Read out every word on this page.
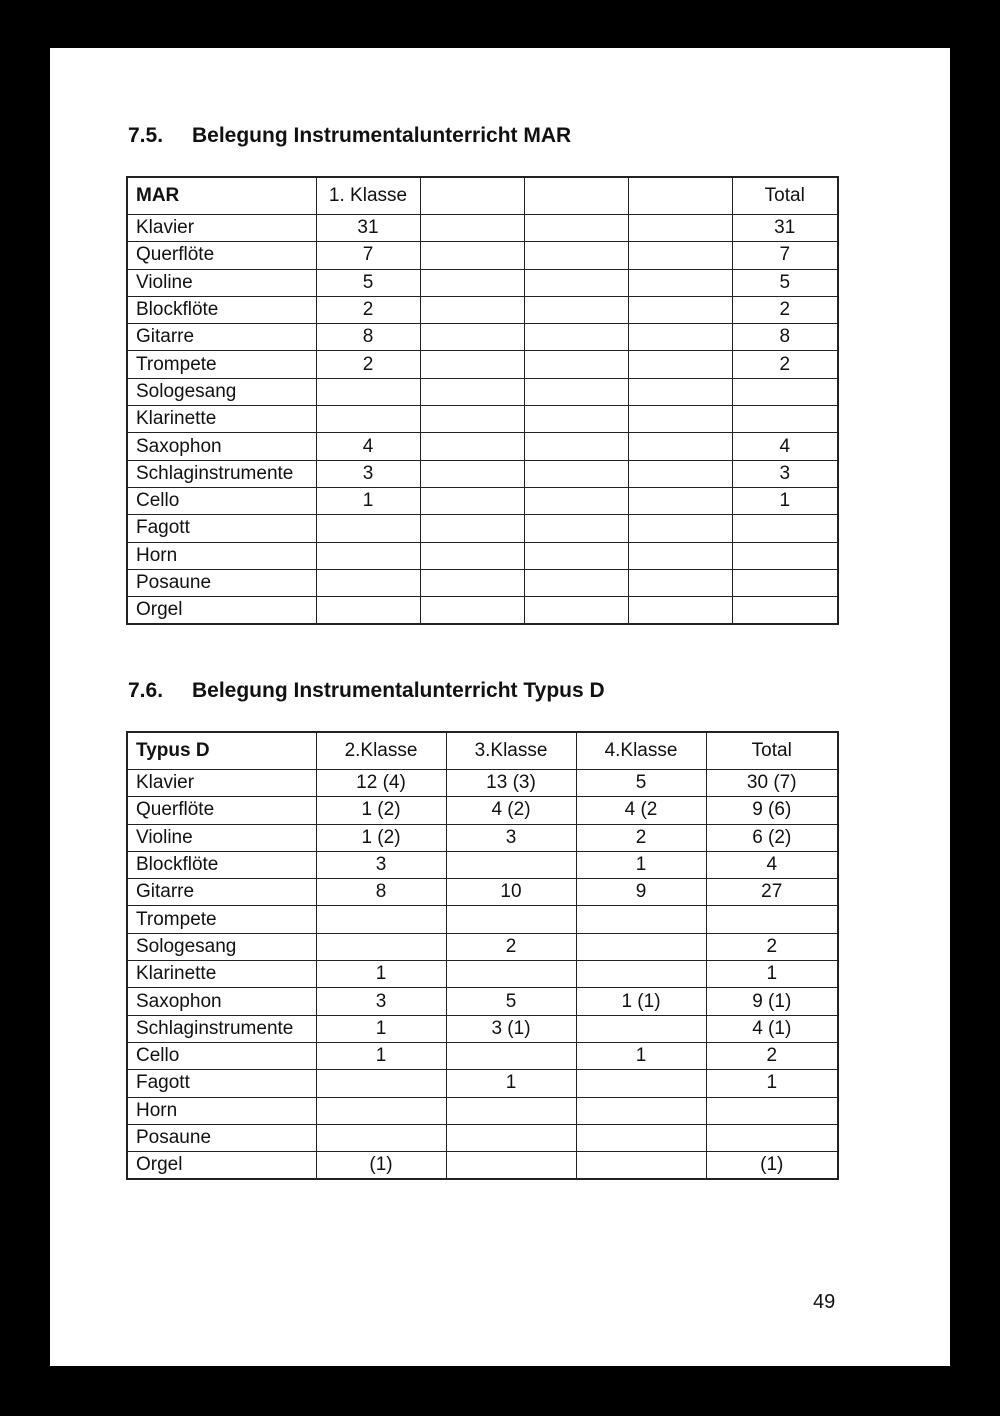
7.5. Belegung Instrumentalunterricht MAR
MAR	1. Klasse				Total
Klavier	31				31
Querflöte	7				7
Violine	5				5
Blockflöte	2				2
Gitarre	8				8
Trompete	2				2
Sologesang					
Klarinette					
Saxophon	4				4
Schlaginstrumente	3				3
Cello	1				1
Fagott					
Horn					
Posaune					
Orgel					
7.6. Belegung Instrumentalunterricht Typus D
Typus D	2.Klasse	3.Klasse	4.Klasse	Total
Klavier	12 (4)	13 (3)	5	30 (7)
Querflöte	1 (2)	4 (2)	4 (2	9 (6)
Violine	1 (2)	3	2	6 (2)
Blockflöte	3		1	4
Gitarre	8	10	9	27
Trompete				
Sologesang		2		2
Klarinette	1			1
Saxophon	3	5	1 (1)	9 (1)
Schlaginstrumente	1	3 (1)		4 (1)
Cello	1		1	2
Fagott		1		1
Horn				
Posaune				
Orgel	(1)			(1)
49
